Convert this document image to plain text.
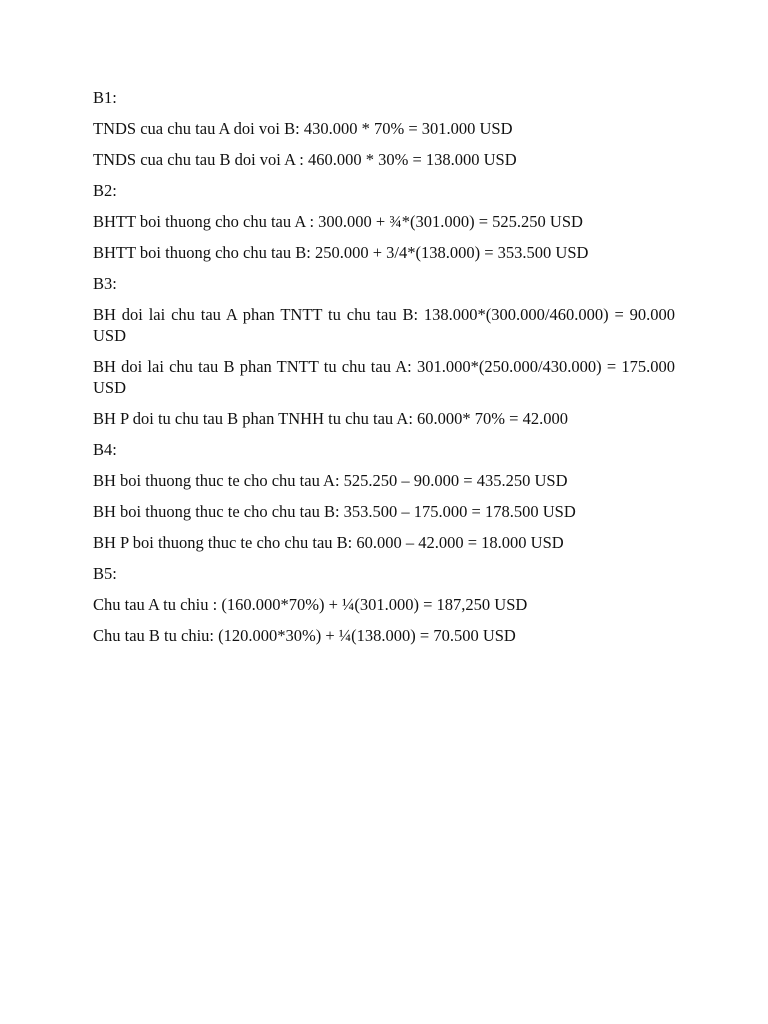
B1:

TNDS cua chu tau A doi voi B: 430.000 * 70% = 301.000 USD

TNDS cua chu tau B doi voi A : 460.000 * 30% = 138.000 USD

B2:

BHTT boi thuong cho chu tau A : 300.000 + ¾*(301.000) = 525.250 USD

BHTT boi thuong cho chu tau B: 250.000 + 3/4*(138.000) = 353.500 USD

B3:

BH doi lai chu tau A phan TNTT tu chu tau B: 138.000*(300.000/460.000) = 90.000 USD

BH doi lai chu tau B phan TNTT tu chu tau A: 301.000*(250.000/430.000) = 175.000 USD

BH P doi tu chu tau B phan TNHH tu chu tau A: 60.000* 70% = 42.000

B4:

BH boi thuong thuc te cho chu tau A: 525.250 – 90.000 = 435.250 USD

BH boi thuong thuc te cho chu tau B: 353.500 – 175.000 = 178.500 USD

BH P boi thuong thuc te cho chu tau B: 60.000 – 42.000 = 18.000 USD

B5:

Chu tau A tu chiu : (160.000*70%) + ¼(301.000) = 187,250 USD

Chu tau B tu chiu: (120.000*30%) + ¼(138.000) = 70.500 USD
